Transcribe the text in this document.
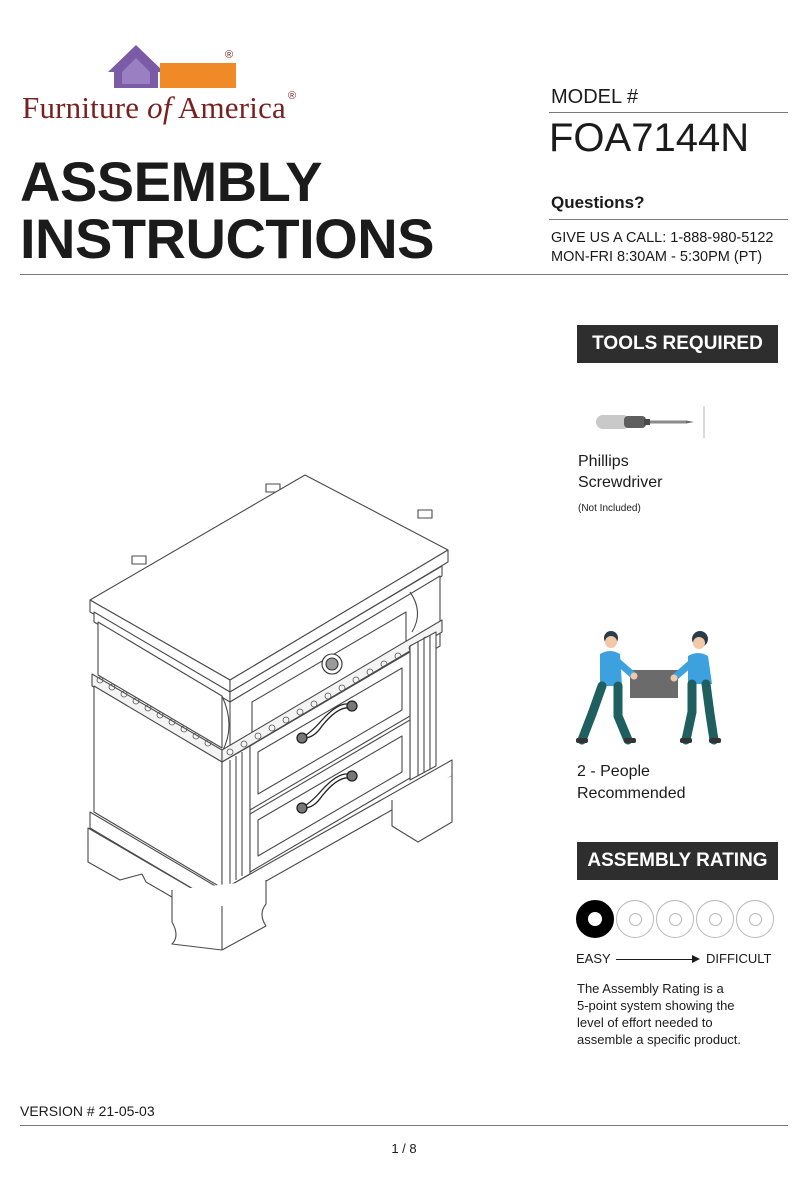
®
Furniture of America ®
ASSEMBLY
INSTRUCTIONS
MODEL #
FOA7144N
Questions?
GIVE US A CALL: 1-888-980-5122
MON-FRI 8:30AM - 5:30PM (PT)
TOOLS REQUIRED
Phillips
Screwdriver
(Not Included)
2 - People
Recommended
ASSEMBLY RATING
EASY	DIFFICULT
The Assembly Rating is a
5-point system showing the
level of effort needed to
assemble a specific product.
VERSION # 21-05-03
1 / 8
